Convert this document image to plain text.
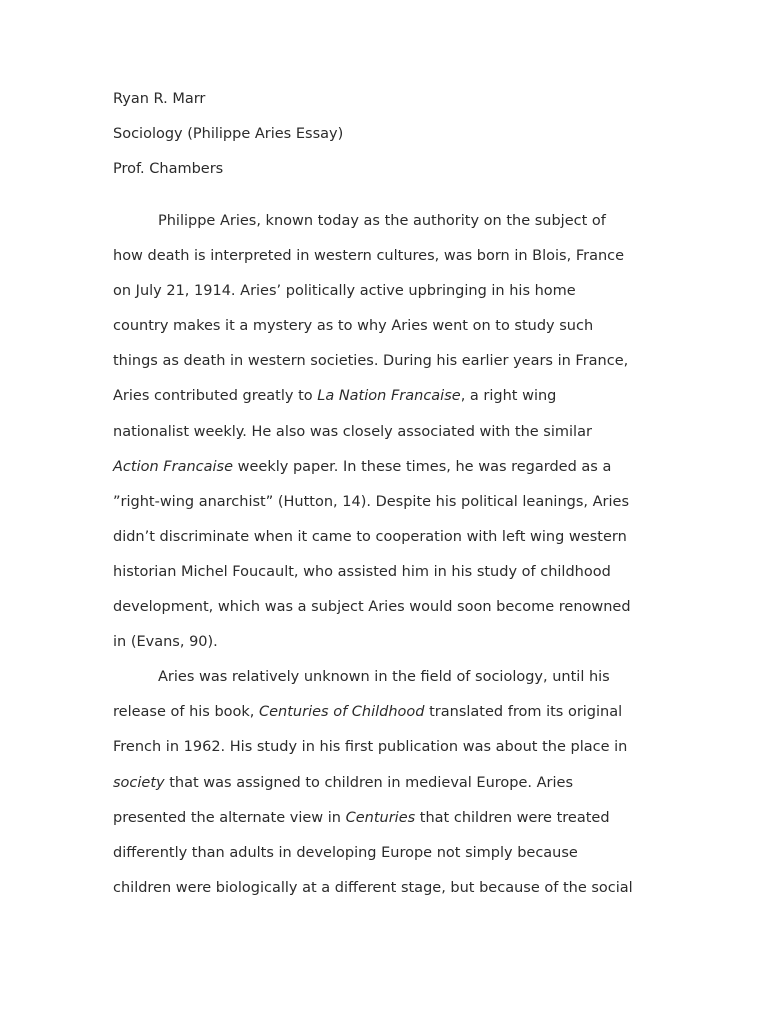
Ryan R. Marr
Sociology (Philippe Aries Essay)
Prof. Chambers
Philippe Aries, known today as the authority on the subject of
how death is interpreted in western cultures, was born in Blois, France
on July 21, 1914. Aries’ politically active upbringing in his home
country makes it a mystery as to why Aries went on to study such
things as death in western societies. During his earlier years in France,
Aries contributed greatly to La Nation Francaise, a right wing
nationalist weekly. He also was closely associated with the similar
Action Francaise weekly paper. In these times, he was regarded as a
”right-wing anarchist” (Hutton, 14). Despite his political leanings, Aries
didn’t discriminate when it came to cooperation with left wing western
historian Michel Foucault, who assisted him in his study of childhood
development, which was a subject Aries would soon become renowned
in (Evans, 90).
Aries was relatively unknown in the field of sociology, until his
release of his book, Centuries of Childhood translated from its original
French in 1962. His study in his first publication was about the place in
society that was assigned to children in medieval Europe. Aries
presented the alternate view in Centuries that children were treated
differently than adults in developing Europe not simply because
children were biologically at a different stage, but because of the social
